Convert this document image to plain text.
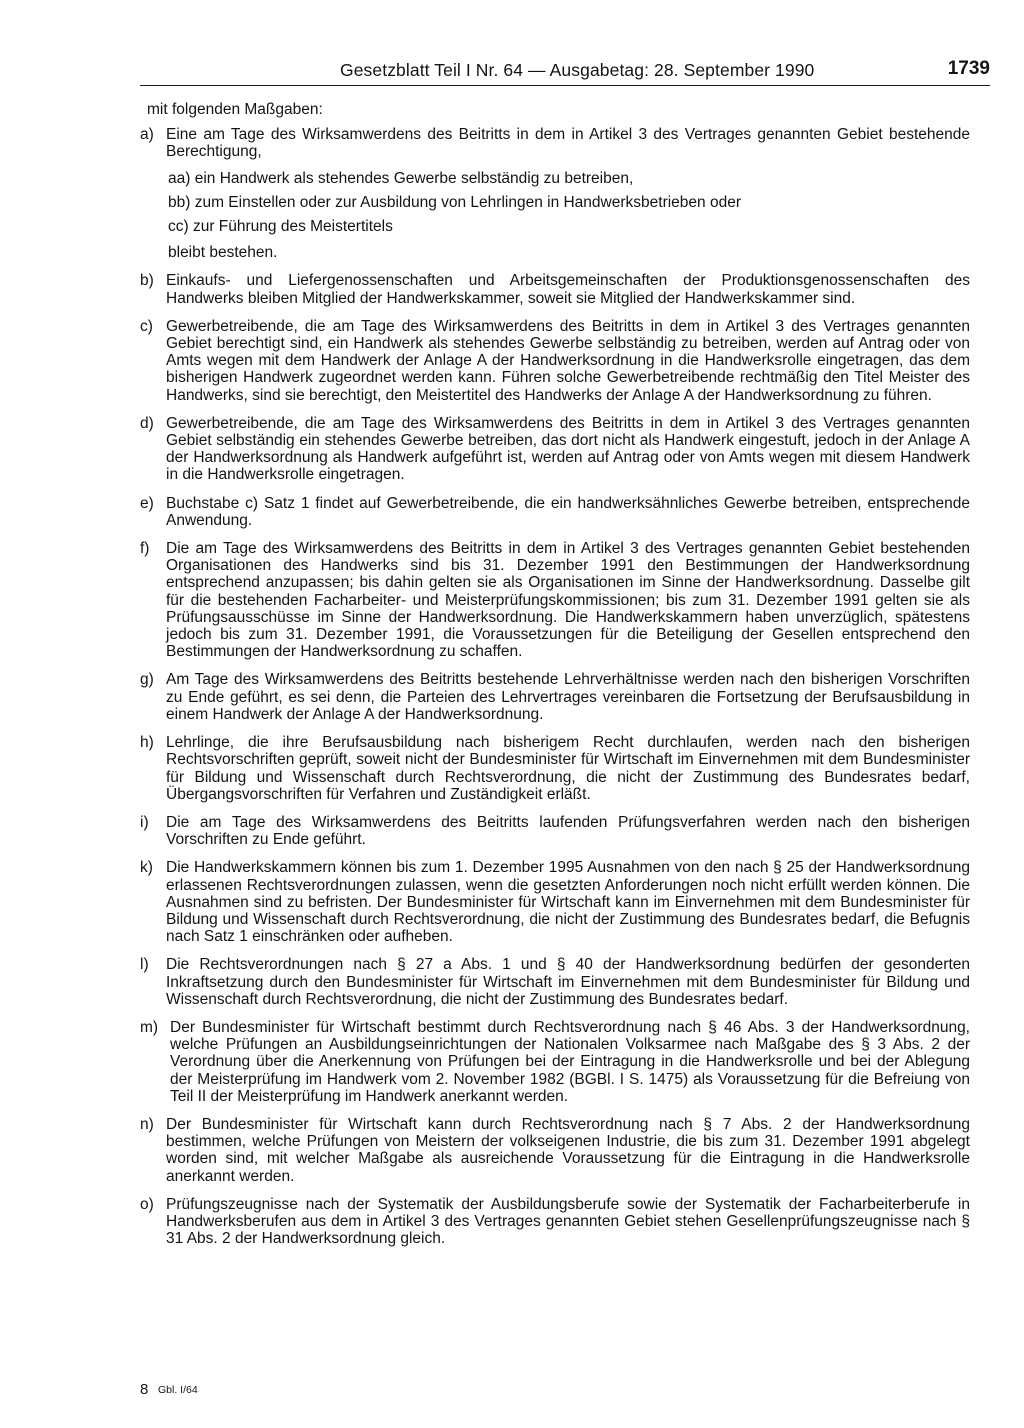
Gesetzblatt Teil I Nr. 64 — Ausgabetag: 28. September 1990	1739
mit folgenden Maßgaben:
a) Eine am Tage des Wirksamwerdens des Beitritts in dem in Artikel 3 des Vertrages genannten Gebiet bestehende Berechtigung,
aa) ein Handwerk als stehendes Gewerbe selbständig zu betreiben,
bb) zum Einstellen oder zur Ausbildung von Lehrlingen in Handwerksbetrieben oder
cc) zur Führung des Meistertitels
bleibt bestehen.
b) Einkaufs- und Liefergenossenschaften und Arbeitsgemeinschaften der Produktionsgenossenschaften des Handwerks bleiben Mitglied der Handwerkskammer, soweit sie Mitglied der Handwerkskammer sind.
c) Gewerbetreibende, die am Tage des Wirksamwerdens des Beitritts in dem in Artikel 3 des Vertrages genannten Gebiet berechtigt sind, ein Handwerk als stehendes Gewerbe selbständig zu betreiben, werden auf Antrag oder von Amts wegen mit dem Handwerk der Anlage A der Handwerksordnung in die Handwerksrolle eingetragen, das dem bisherigen Handwerk zugeordnet werden kann. Führen solche Gewerbetreibende rechtmäßig den Titel Meister des Handwerks, sind sie berechtigt, den Meistertitel des Handwerks der Anlage A der Handwerksordnung zu führen.
d) Gewerbetreibende, die am Tage des Wirksamwerdens des Beitritts in dem in Artikel 3 des Vertrages genannten Gebiet selbständig ein stehendes Gewerbe betreiben, das dort nicht als Handwerk eingestuft, jedoch in der Anlage A der Handwerksordnung als Handwerk aufgeführt ist, werden auf Antrag oder von Amts wegen mit diesem Handwerk in die Handwerksrolle eingetragen.
e) Buchstabe c) Satz 1 findet auf Gewerbetreibende, die ein handwerksähnliches Gewerbe betreiben, entsprechende Anwendung.
f) Die am Tage des Wirksamwerdens des Beitritts in dem in Artikel 3 des Vertrages genannten Gebiet bestehenden Organisationen des Handwerks sind bis 31. Dezember 1991 den Bestimmungen der Handwerksordnung entsprechend anzupassen; bis dahin gelten sie als Organisationen im Sinne der Handwerksordnung. Dasselbe gilt für die bestehenden Facharbeiter- und Meisterprüfungskommissionen; bis zum 31. Dezember 1991 gelten sie als Prüfungsausschüsse im Sinne der Handwerksordnung. Die Handwerkskammern haben unverzüglich, spätestens jedoch bis zum 31. Dezember 1991, die Voraussetzungen für die Beteiligung der Gesellen entsprechend den Bestimmungen der Handwerksordnung zu schaffen.
g) Am Tage des Wirksamwerdens des Beitritts bestehende Lehrverhältnisse werden nach den bisherigen Vorschriften zu Ende geführt, es sei denn, die Parteien des Lehrvertrages vereinbaren die Fortsetzung der Berufsausbildung in einem Handwerk der Anlage A der Handwerksordnung.
h) Lehrlinge, die ihre Berufsausbildung nach bisherigem Recht durchlaufen, werden nach den bisherigen Rechtsvorschriften geprüft, soweit nicht der Bundesminister für Wirtschaft im Einvernehmen mit dem Bundesminister für Bildung und Wissenschaft durch Rechtsverordnung, die nicht der Zustimmung des Bundesrates bedarf, Übergangsvorschriften für Verfahren und Zuständigkeit erläßt.
i) Die am Tage des Wirksamwerdens des Beitritts laufenden Prüfungsverfahren werden nach den bisherigen Vorschriften zu Ende geführt.
k) Die Handwerkskammern können bis zum 1. Dezember 1995 Ausnahmen von den nach § 25 der Handwerksordnung erlassenen Rechtsverordnungen zulassen, wenn die gesetzten Anforderungen noch nicht erfüllt werden können. Die Ausnahmen sind zu befristen. Der Bundesminister für Wirtschaft kann im Einvernehmen mit dem Bundesminister für Bildung und Wissenschaft durch Rechtsverordnung, die nicht der Zustimmung des Bundesrates bedarf, die Befugnis nach Satz 1 einschränken oder aufheben.
l) Die Rechtsverordnungen nach § 27 a Abs. 1 und § 40 der Handwerksordnung bedürfen der gesonderten Inkraftsetzung durch den Bundesminister für Wirtschaft im Einvernehmen mit dem Bundesminister für Bildung und Wissenschaft durch Rechtsverordnung, die nicht der Zustimmung des Bundesrates bedarf.
m) Der Bundesminister für Wirtschaft bestimmt durch Rechtsverordnung nach § 46 Abs. 3 der Handwerksordnung, welche Prüfungen an Ausbildungseinrichtungen der Nationalen Volksarmee nach Maßgabe des § 3 Abs. 2 der Verordnung über die Anerkennung von Prüfungen bei der Eintragung in die Handwerksrolle und bei der Ablegung der Meisterprüfung im Handwerk vom 2. November 1982 (BGBl. I S. 1475) als Voraussetzung für die Befreiung von Teil II der Meisterprüfung im Handwerk anerkannt werden.
n) Der Bundesminister für Wirtschaft kann durch Rechtsverordnung nach § 7 Abs. 2 der Handwerksordnung bestimmen, welche Prüfungen von Meistern der volkseigenen Industrie, die bis zum 31. Dezember 1991 abgelegt worden sind, mit welcher Maßgabe als ausreichende Voraussetzung für die Eintragung in die Handwerksrolle anerkannt werden.
o) Prüfungszeugnisse nach der Systematik der Ausbildungsberufe sowie der Systematik der Facharbeiterberufe in Handwerksberufen aus dem in Artikel 3 des Vertrages genannten Gebiet stehen Gesellenprüfungszeugnisse nach § 31 Abs. 2 der Handwerksordnung gleich.
8 Gbl. I/64
